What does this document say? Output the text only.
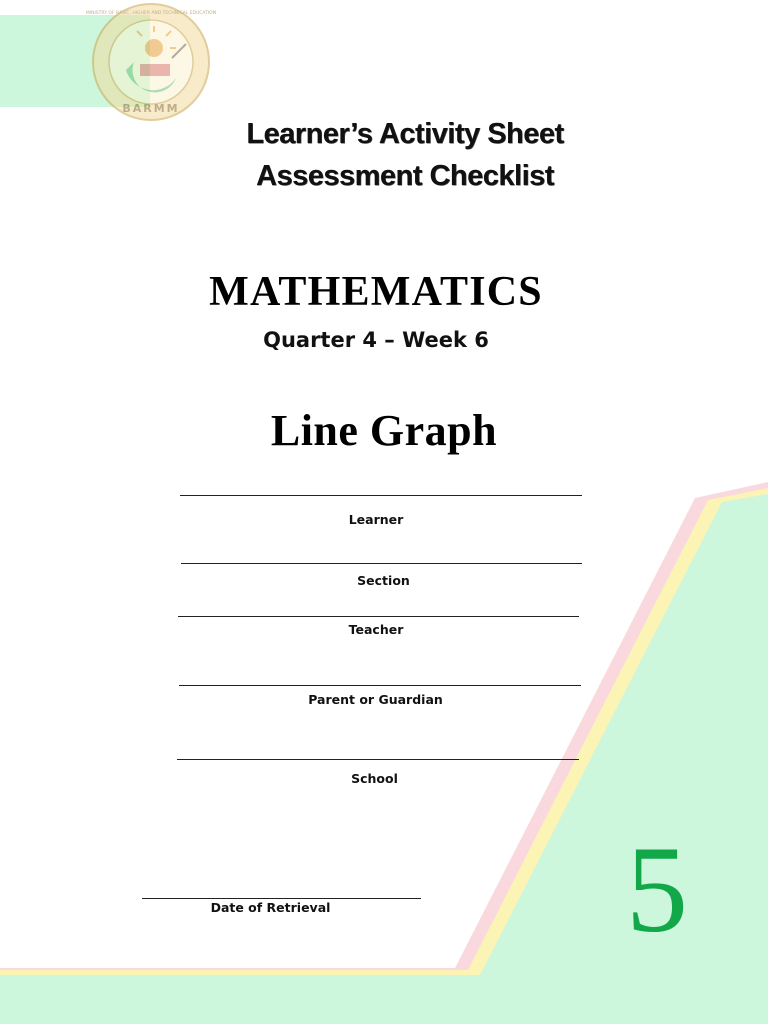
MINISTRY OF BASIC, HIGHER AND TECHNICAL EDUCATION
BARMM
Learner’s Activity Sheet
Assessment Checklist
MATHEMATICS
Quarter 4 – Week 6
Line Graph
Learner
Section
Teacher
Parent or Guardian
School
Date of Retrieval	5
